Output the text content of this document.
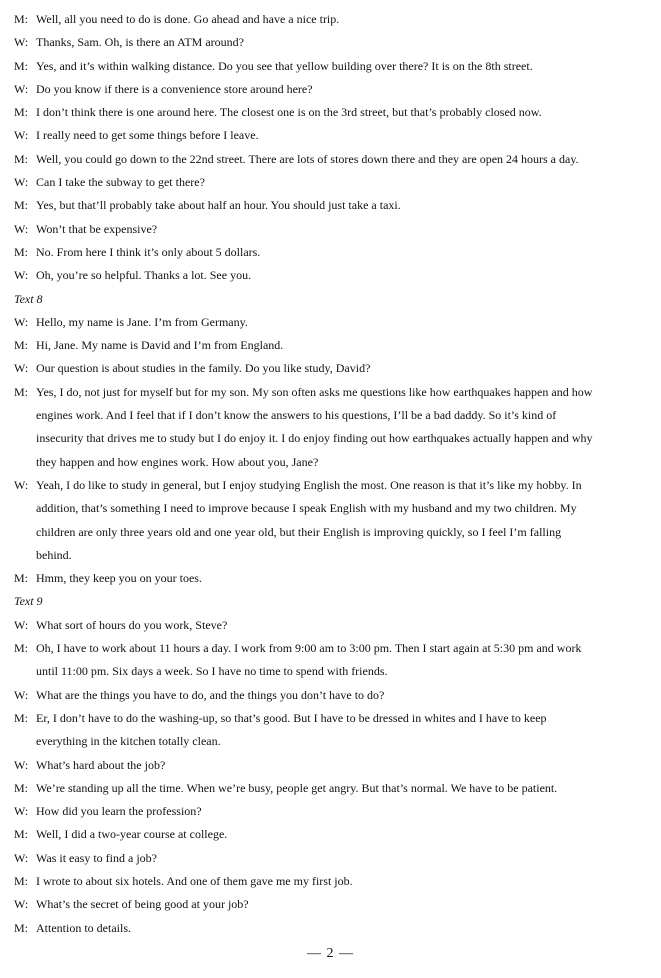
M: Well, all you need to do is done. Go ahead and have a nice trip.
W: Thanks, Sam. Oh, is there an ATM around?
M: Yes, and it’s within walking distance. Do you see that yellow building over there? It is on the 8th street.
W: Do you know if there is a convenience store around here?
M: I don’t think there is one around here. The closest one is on the 3rd street, but that’s probably closed now.
W: I really need to get some things before I leave.
M: Well, you could go down to the 22nd street. There are lots of stores down there and they are open 24 hours a day.
W: Can I take the subway to get there?
M: Yes, but that’ll probably take about half an hour. You should just take a taxi.
W: Won’t that be expensive?
M: No. From here I think it’s only about 5 dollars.
W: Oh, you’re so helpful. Thanks a lot. See you.
Text 8
W: Hello, my name is Jane. I’m from Germany.
M: Hi, Jane. My name is David and I’m from England.
W: Our question is about studies in the family. Do you like study, David?
M: Yes, I do, not just for myself but for my son. My son often asks me questions like how earthquakes happen and how
engines work. And I feel that if I don’t know the answers to his questions, I’ll be a bad daddy. So it’s kind of
insecurity that drives me to study but I do enjoy it. I do enjoy finding out how earthquakes actually happen and why
they happen and how engines work. How about you, Jane?
W: Yeah, I do like to study in general, but I enjoy studying English the most. One reason is that it’s like my hobby. In
addition, that’s something I need to improve because I speak English with my husband and my two children. My
children are only three years old and one year old, but their English is improving quickly, so I feel I’m falling
behind.
M: Hmm, they keep you on your toes.
Text 9
W: What sort of hours do you work, Steve?
M: Oh, I have to work about 11 hours a day. I work from 9:00 am to 3:00 pm. Then I start again at 5:30 pm and work
until 11:00 pm. Six days a week. So I have no time to spend with friends.
W: What are the things you have to do, and the things you don’t have to do?
M: Er, I don’t have to do the washing-up, so that’s good. But I have to be dressed in whites and I have to keep
everything in the kitchen totally clean.
W: What’s hard about the job?
M: We’re standing up all the time. When we’re busy, people get angry. But that’s normal. We have to be patient.
W: How did you learn the profession?
M: Well, I did a two-year course at college.
W: Was it easy to find a job?
M: I wrote to about six hotels. And one of them gave me my first job.
W: What’s the secret of being good at your job?
M: Attention to details.
— 2 —
